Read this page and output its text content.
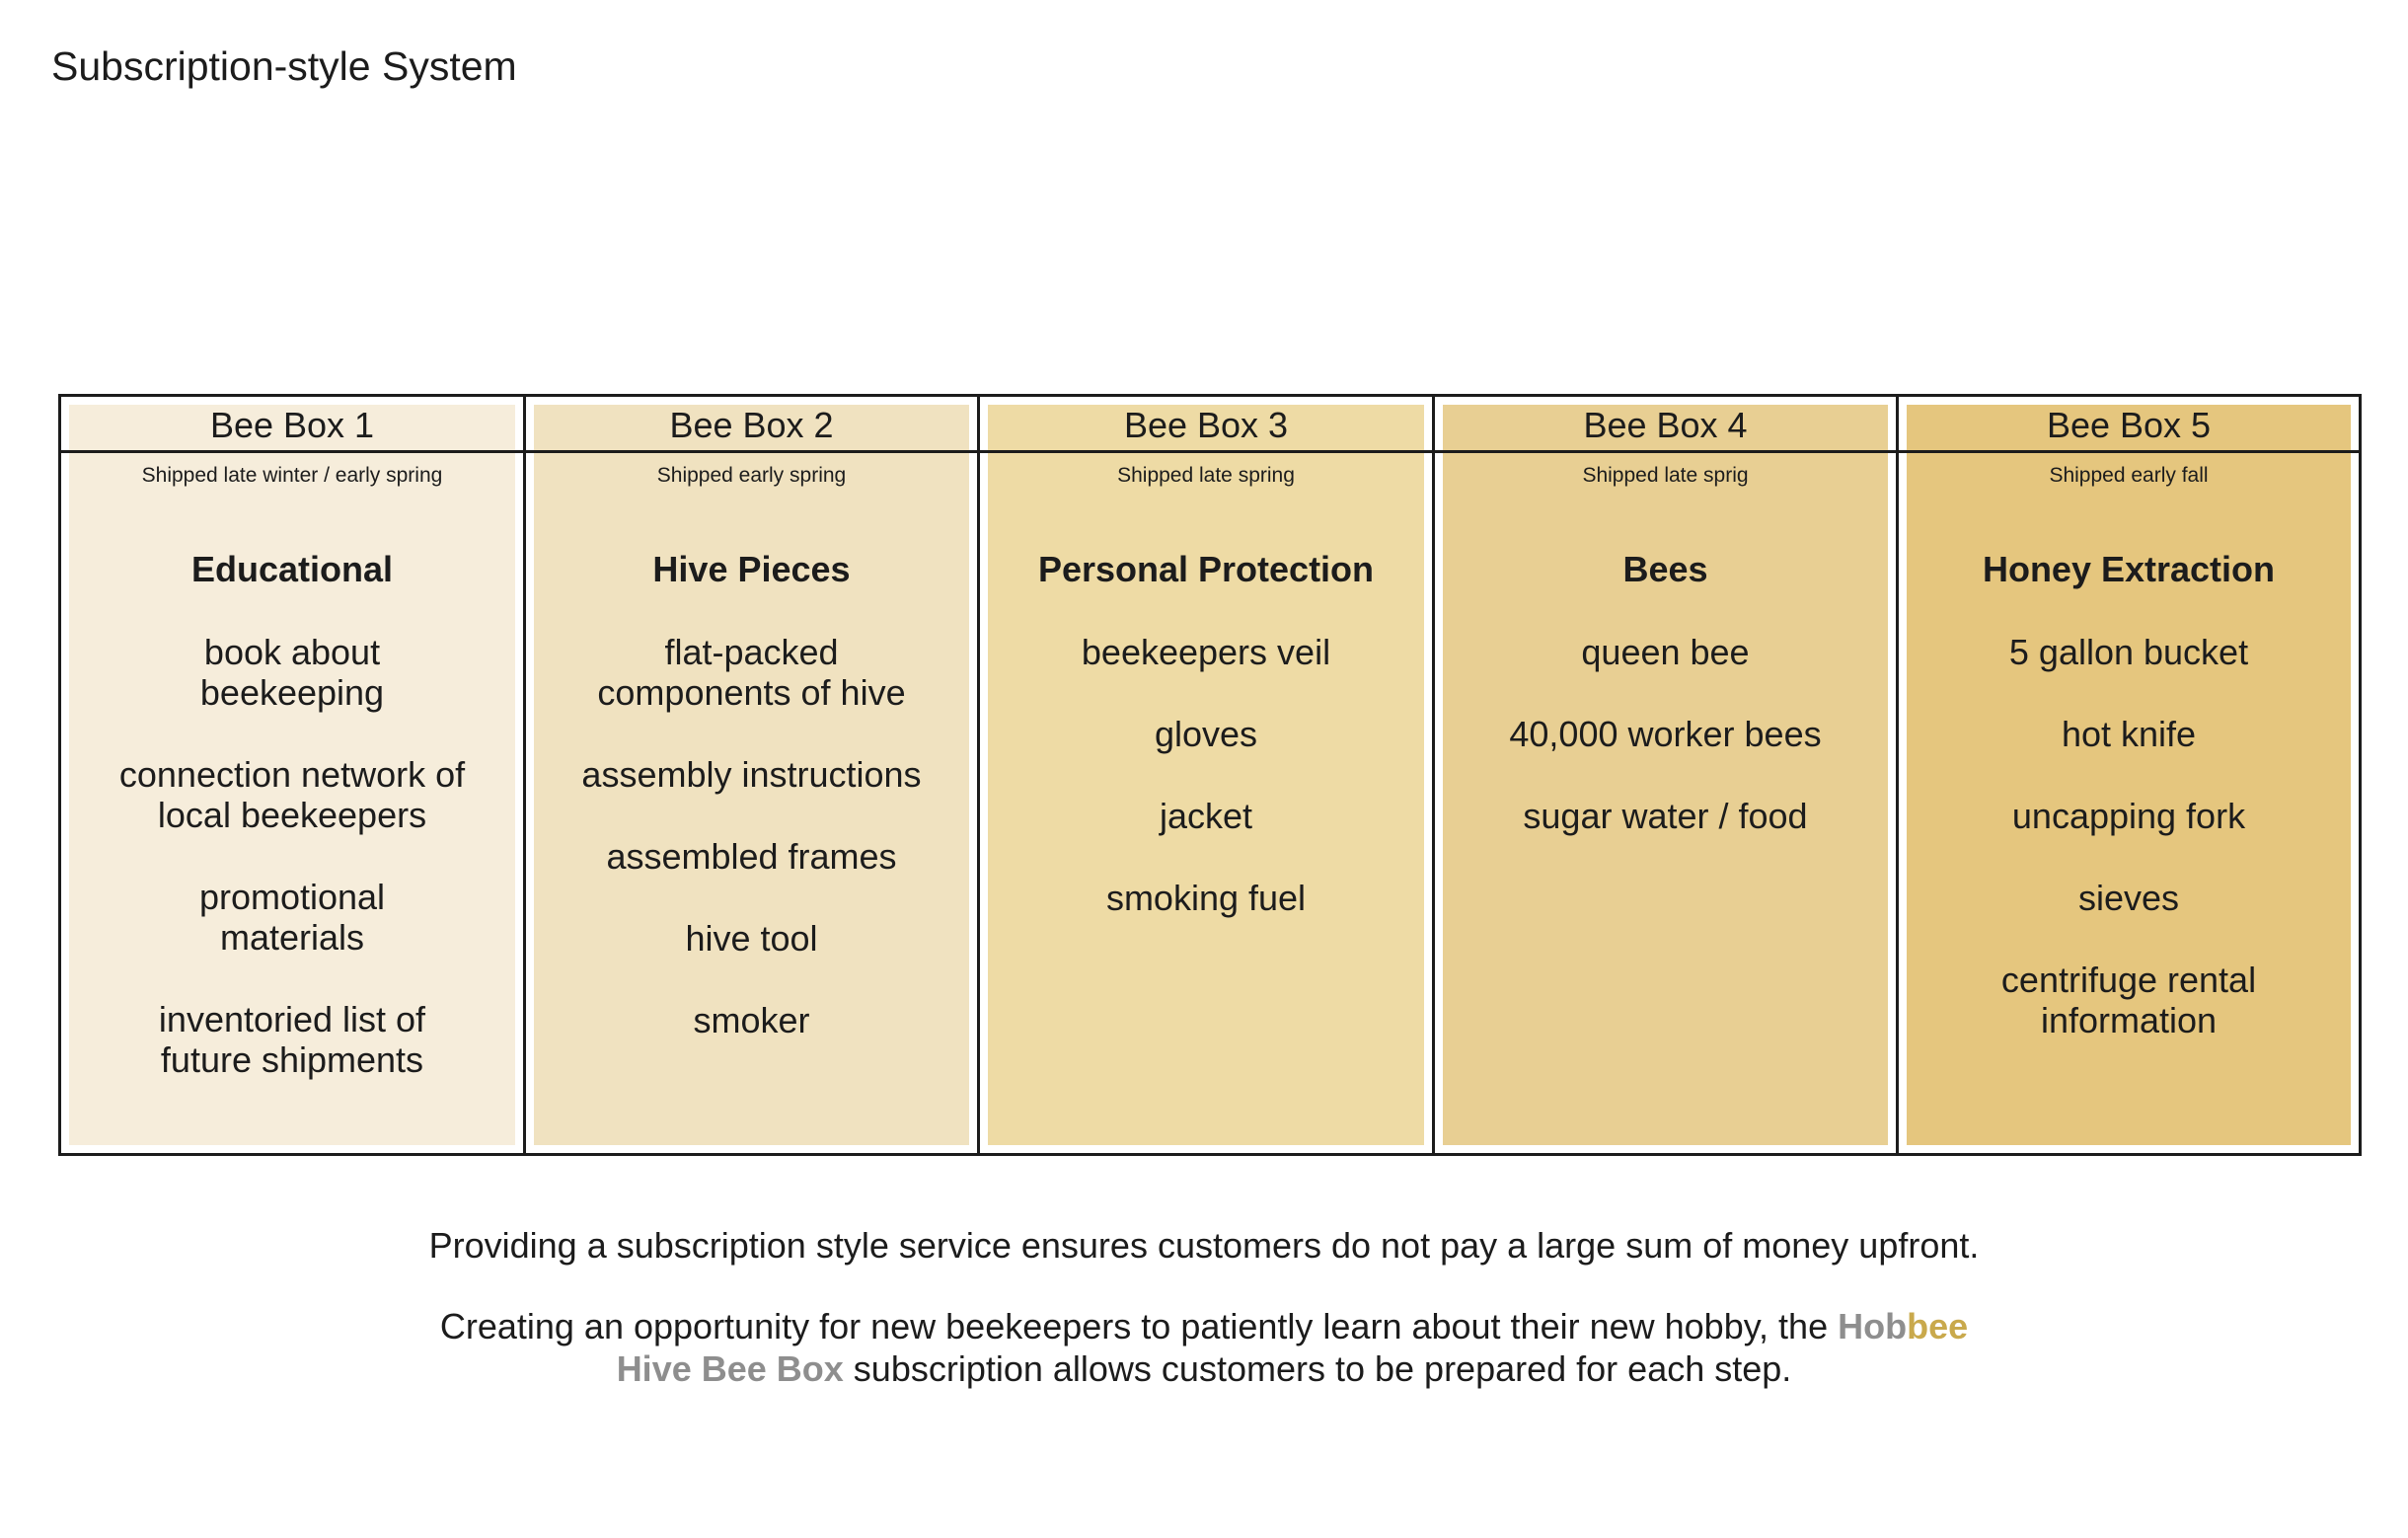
Subscription-style System
Bee Box 1
Shipped late winter / early spring
Educational
book about beekeeping
connection network of local beekeepers
promotional materials
inventoried list of future shipments
Bee Box 2
Shipped early spring
Hive Pieces
flat-packed components of hive
assembly instructions
assembled frames
hive tool
smoker
Bee Box 3
Shipped late spring
Personal Protection
beekeepers veil
gloves
jacket
smoking fuel
Bee Box 4
Shipped late sprig
Bees
queen bee
40,000 worker bees
sugar water / food
Bee Box 5
Shipped early fall
Honey Extraction
5 gallon bucket
hot knife
uncapping fork
sieves
centrifuge rental information

Providing a subscription style service ensures customers do not pay a large sum of money upfront.

Creating an opportunity for new beekeepers to patiently learn about their new hobby, the Hobbee
Hive Bee Box subscription allows customers to be prepared for each step.
